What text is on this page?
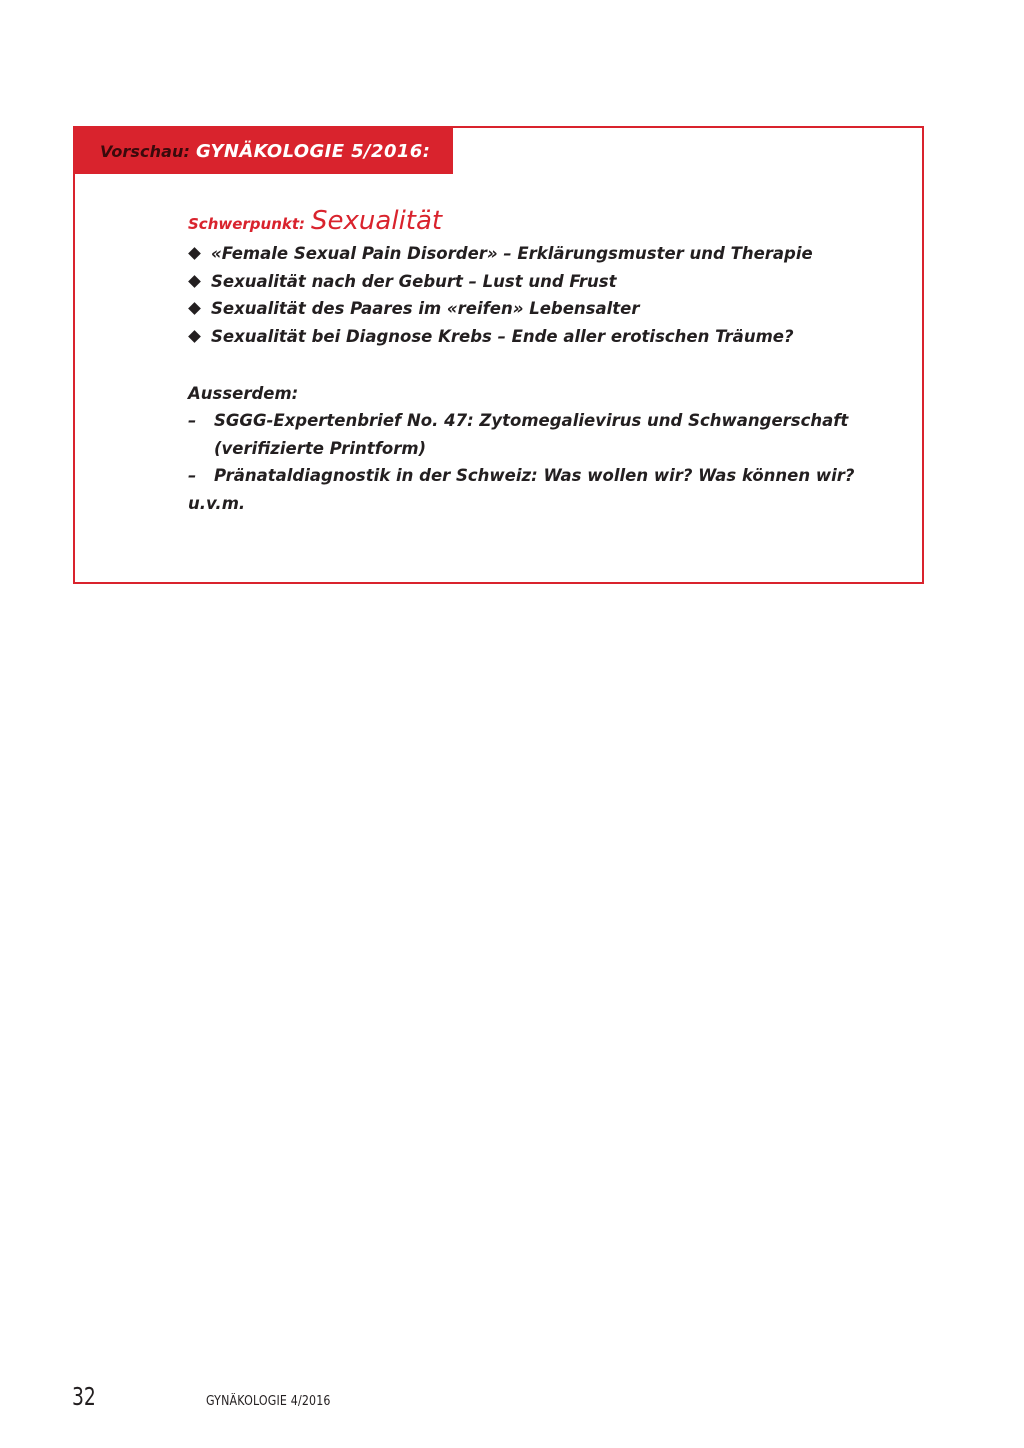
Vorschau: GYNÄKOLOGIE 5/2016:
Schwerpunkt: Sexualität
«Female Sexual Pain Disorder» – Erklärungsmuster und Therapie
Sexualität nach der Geburt – Lust und Frust
Sexualität des Paares im «reifen» Lebensalter
Sexualität bei Diagnose Krebs – Ende aller erotischen Träume?
Ausserdem:
–	SGGG-Expertenbrief No. 47: Zytomegalievirus und Schwangerschaft
(verifizierte Printform)
–	Pränataldiagnostik in der Schweiz: Was wollen wir? Was können wir?
u.v.m.
32	GYNÄKOLOGIE 4/2016
